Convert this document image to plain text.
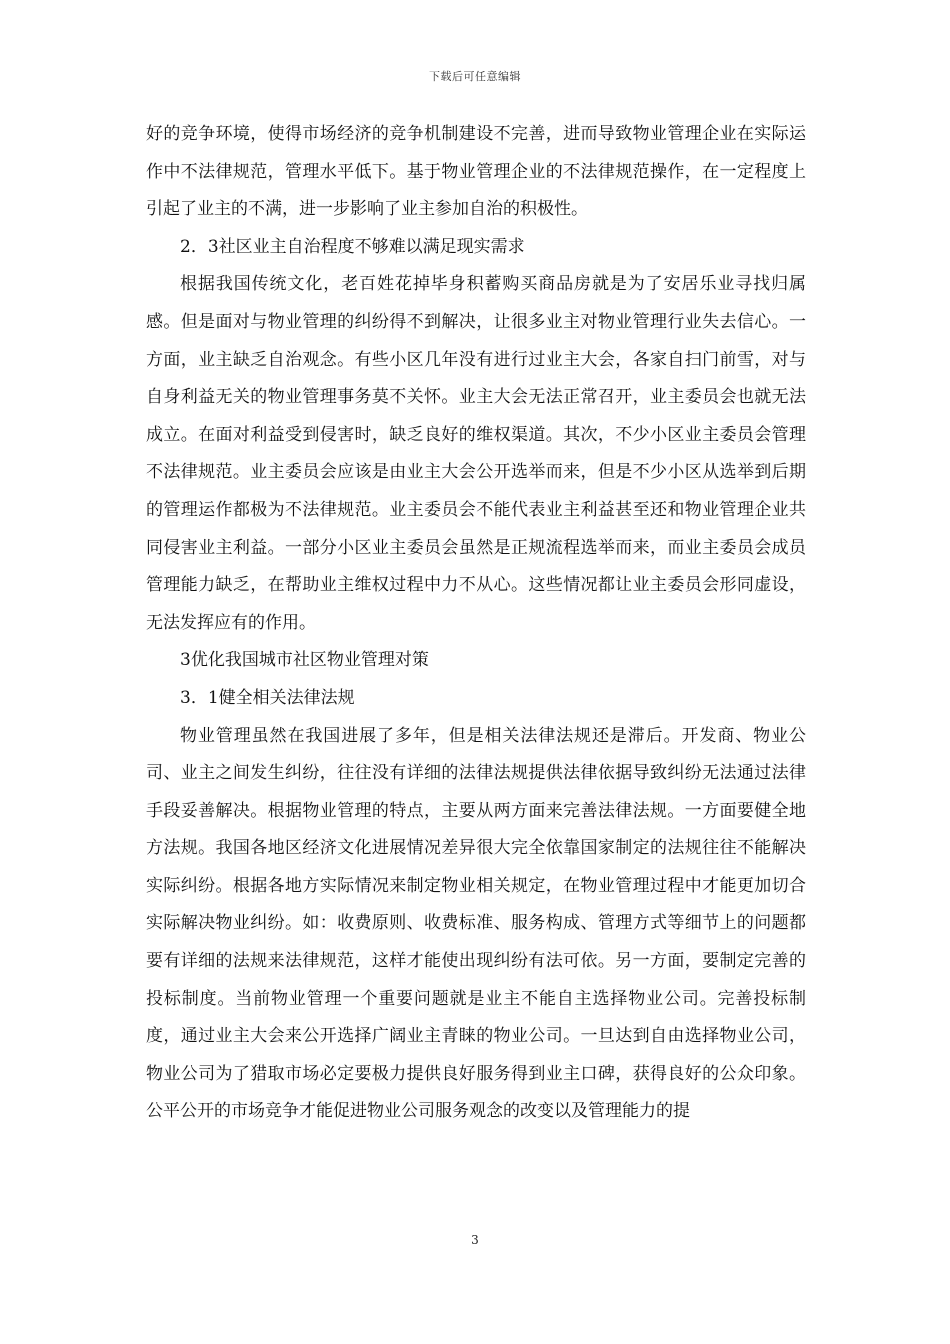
下载后可任意编辑

好的竞争环境，使得市场经济的竞争机制建设不完善，进而导致物业管理企业在实际运作中不法律规范，管理水平低下。基于物业管理企业的不法律规范操作，在一定程度上引起了业主的不满，进一步影响了业主参加自治的积极性。

2．3社区业主自治程度不够难以满足现实需求

根据我国传统文化，老百姓花掉毕身积蓄购买商品房就是为了安居乐业寻找归属感。但是面对与物业管理的纠纷得不到解决，让很多业主对物业管理行业失去信心。一方面，业主缺乏自治观念。有些小区几年没有进行过业主大会，各家自扫门前雪，对与自身利益无关的物业管理事务莫不关怀。业主大会无法正常召开，业主委员会也就无法成立。在面对利益受到侵害时，缺乏良好的维权渠道。其次，不少小区业主委员会管理不法律规范。业主委员会应该是由业主大会公开选举而来，但是不少小区从选举到后期的管理运作都极为不法律规范。业主委员会不能代表业主利益甚至还和物业管理企业共同侵害业主利益。一部分小区业主委员会虽然是正规流程选举而来，而业主委员会成员管理能力缺乏，在帮助业主维权过程中力不从心。这些情况都让业主委员会形同虚设，无法发挥应有的作用。

3优化我国城市社区物业管理对策

3．1健全相关法律法规

物业管理虽然在我国进展了多年，但是相关法律法规还是滞后。开发商、物业公司、业主之间发生纠纷，往往没有详细的法律法规提供法律依据导致纠纷无法通过法律手段妥善解决。根据物业管理的特点，主要从两方面来完善法律法规。一方面要健全地方法规。我国各地区经济文化进展情况差异很大完全依靠国家制定的法规往往不能解决实际纠纷。根据各地方实际情况来制定物业相关规定，在物业管理过程中才能更加切合实际解决物业纠纷。如：收费原则、收费标准、服务构成、管理方式等细节上的问题都要有详细的法规来法律规范，这样才能使出现纠纷有法可依。另一方面，要制定完善的投标制度。当前物业管理一个重要问题就是业主不能自主选择物业公司。完善投标制度，通过业主大会来公开选择广阔业主青睐的物业公司。一旦达到自由选择物业公司，物业公司为了猎取市场必定要极力提供良好服务得到业主口碑，获得良好的公众印象。公平公开的市场竞争才能促进物业公司服务观念的改变以及管理能力的提

3
